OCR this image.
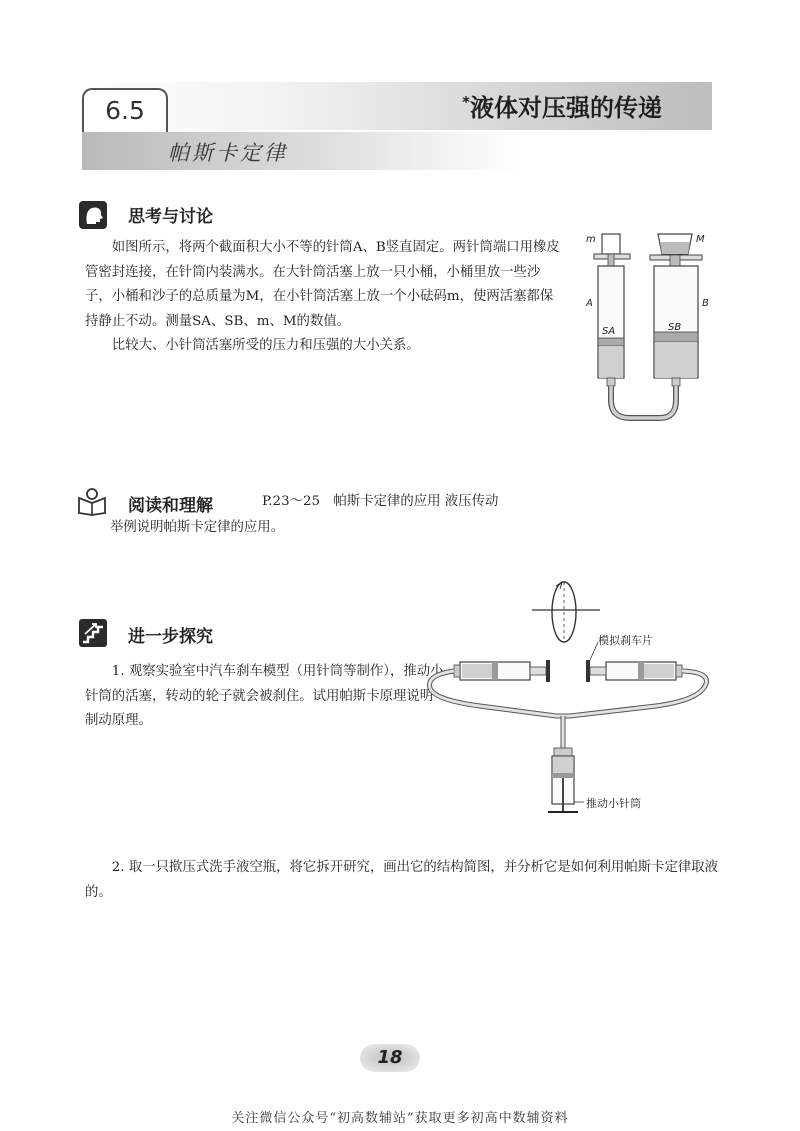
6.5	*液体对压强的传递
帕斯卡定律
思考与讨论

如图所示，将两个截面积大小不等的针筒A、B竖直固定。两针筒端口用橡皮管密封连接，在针筒内装满水。在大针筒活塞上放一只小桶，小桶里放一些沙子，小桶和沙子的总质量为M，在小针筒活塞上放一个小砝码m，使两活塞都保持静止不动。测量SA、SB、m、M的数值。

比较大、小针筒活塞所受的压力和压强的大小关系。

m	M
A	B
SA	SB
阅读和理解	P.23～25　帕斯卡定律的应用 液压传动
举例说明帕斯卡定律的应用。
进一步探究

1. 观察实验室中汽车刹车模型（用针筒等制作），推动小针筒的活塞，转动的轮子就会被刹住。试用帕斯卡原理说明制动原理。

模拟刹车片
推动小针筒

2. 取一只揿压式洗手液空瓶，将它拆开研究，画出它的结构简图，并分析它是如何利用帕斯卡定律取液的。

18
关注微信公众号“初高数辅站”获取更多初高中数辅资料
